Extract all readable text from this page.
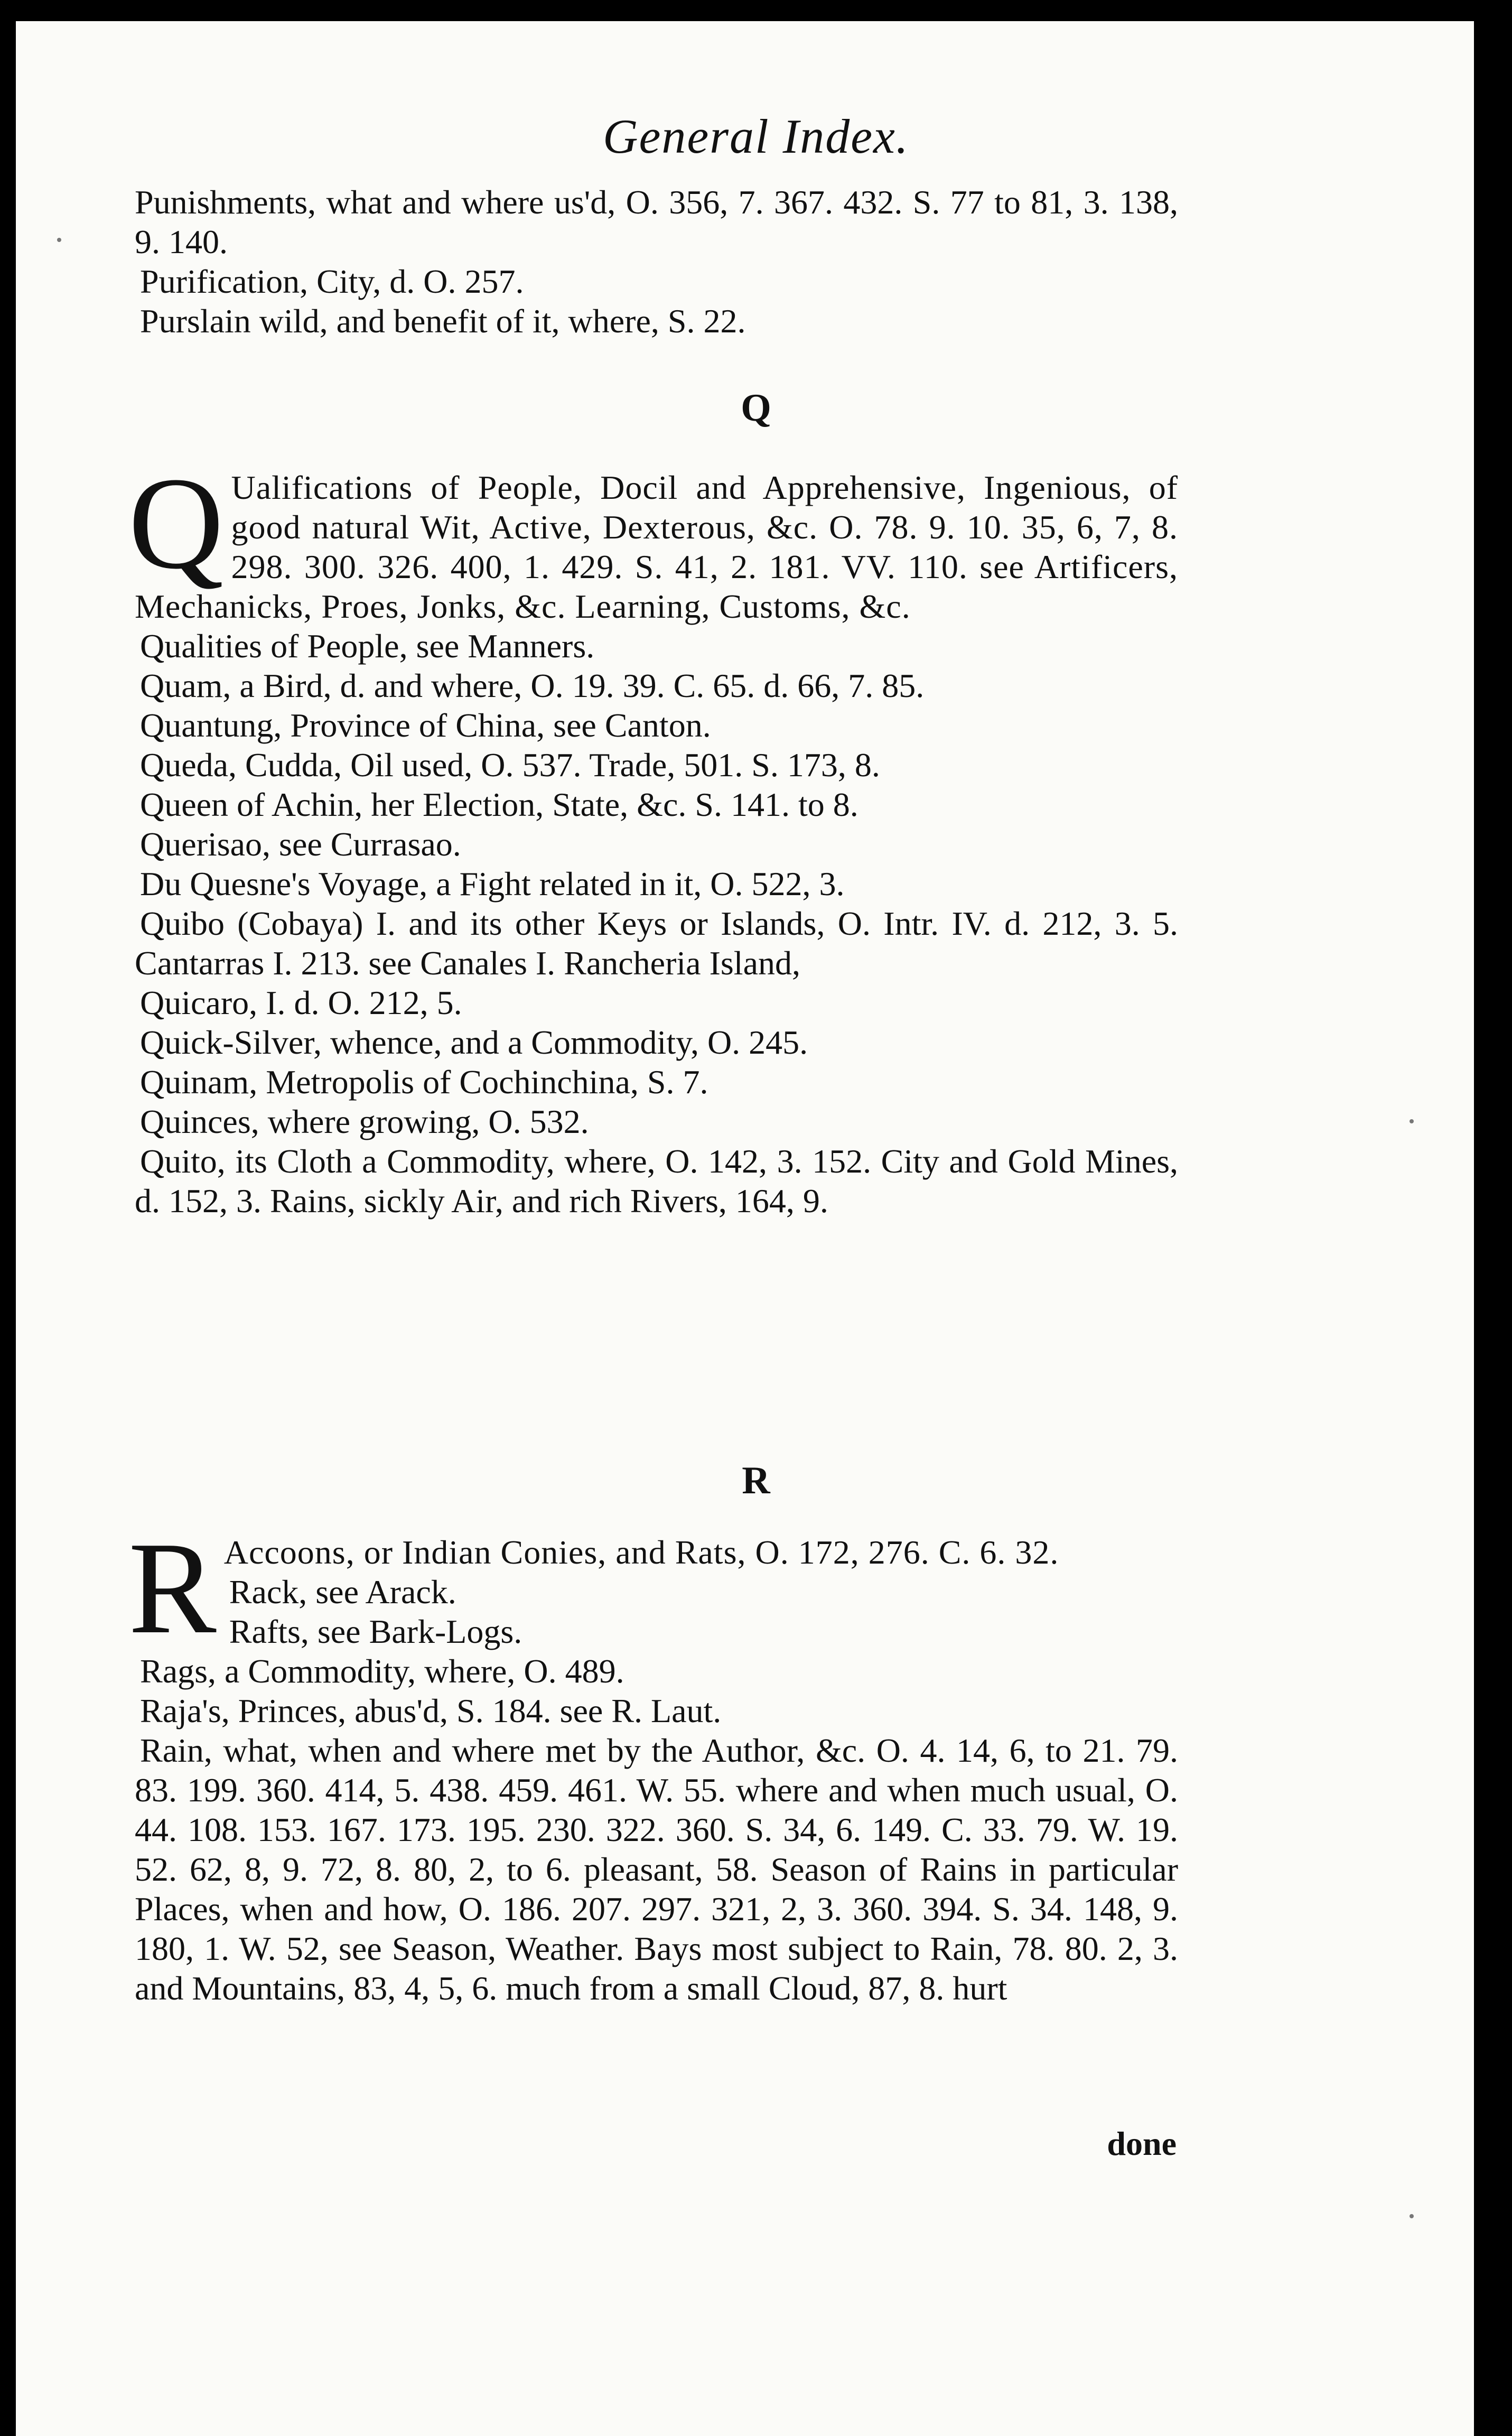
General Index.

Punishments, what and where us'd, O. 356, 7. 367. 432. S. 77 to 81, 3. 138, 9. 140.

Purification, City, d. O. 257.

Purslain wild, and benefit of it, where, S. 22.

Q

Q Ualifications of People, Docil and Apprehensive, Ingenious, of good natural Wit, Active, Dexterous, &c. O. 78. 9. 10. 35, 6, 7, 8. 298. 300. 326. 400, 1. 429. S. 41, 2. 181. VV. 110. see Artificers, Mechanicks, Proes, Jonks, &c. Learning, Customs, &c.

Qualities of People, see Manners.

Quam, a Bird, d. and where, O. 19. 39. C. 65. d. 66, 7. 85.

Quantung, Province of China, see Canton.

Queda, Cudda, Oil used, O. 537. Trade, 501. S. 173, 8.

Queen of Achin, her Election, State, &c. S. 141. to 8.

Querisao, see Currasao.

Du Quesne's Voyage, a Fight related in it, O. 522, 3.

Quibo (Cobaya) I. and its other Keys or Islands, O. Intr. IV. d. 212, 3. 5. Cantarras I. 213. see Canales I. Rancheria Island,

Quicaro, I. d. O. 212, 5.

Quick-Silver, whence, and a Commodity, O. 245.

Quinam, Metropolis of Cochinchina, S. 7.

Quinces, where growing, O. 532.

Quito, its Cloth a Commodity, where, O. 142, 3. 152. City and Gold Mines, d. 152, 3. Rains, sickly Air, and rich Rivers, 164, 9.

R

R Accoons, or Indian Conies, and Rats, O. 172, 276. C. 6. 32.

Rack, see Arack.

Rafts, see Bark-Logs.

Rags, a Commodity, where, O. 489.

Raja's, Princes, abus'd, S. 184. see R. Laut.

Rain, what, when and where met by the Author, &c. O. 4. 14, 6, to 21. 79. 83. 199. 360. 414, 5. 438. 459. 461. W. 55. where and when much usual, O. 44. 108. 153. 167. 173. 195. 230. 322. 360. S. 34, 6. 149. C. 33. 79. W. 19. 52. 62, 8, 9. 72, 8. 80, 2, to 6. pleasant, 58. Season of Rains in particular Places, when and how, O. 186. 207. 297. 321, 2, 3. 360. 394. S. 34. 148, 9. 180, 1. W. 52, see Season, Weather. Bays most subject to Rain, 78. 80. 2, 3. and Mountains, 83, 4, 5, 6. much from a small Cloud, 87, 8. hurt

done
